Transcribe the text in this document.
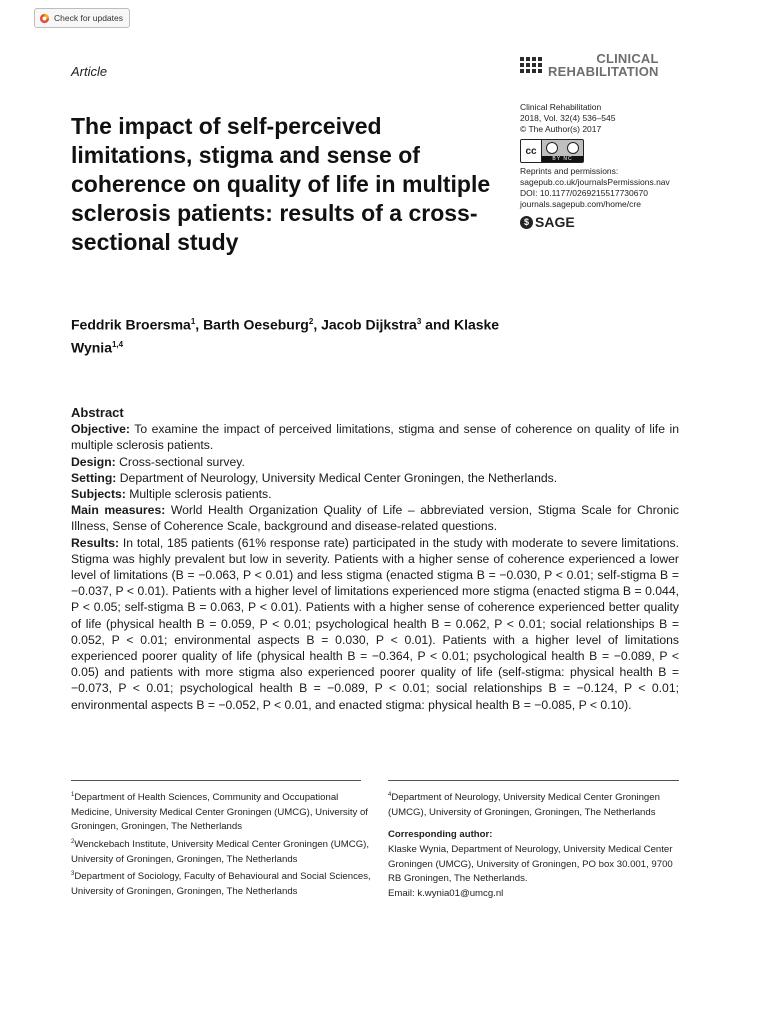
Check for updates
Article
CLINICAL
REHABILITATION
The impact of self-perceived limitations, stigma and sense of coherence on quality of life in multiple sclerosis patients: results of a cross-sectional study
Clinical Rehabilitation
2018, Vol. 32(4) 536–545
© The Author(s) 2017
cc
BY NC
Reprints and permissions:
sagepub.co.uk/journalsPermissions.nav
DOI: 10.1177/0269215517730670
journals.sagepub.com/home/cre
$ SAGE
Feddrik Broersma$^1$, Barth Oeseburg$^2$, Jacob Dijkstra$^3$ and Klaske Wynia$^{1,4}$

Abstract

Objective: To examine the impact of perceived limitations, stigma and sense of coherence on quality of life in multiple sclerosis patients.

Design: Cross-sectional survey.

Setting: Department of Neurology, University Medical Center Groningen, the Netherlands.

Subjects: Multiple sclerosis patients.

Main measures: World Health Organization Quality of Life – abbreviated version, Stigma Scale for Chronic Illness, Sense of Coherence Scale, background and disease-related questions.

Results: In total, 185 patients (61% response rate) participated in the study with moderate to severe limitations. Stigma was highly prevalent but low in severity. Patients with a higher sense of coherence experienced a lower level of limitations (B = −0.063, P < 0.01) and less stigma (enacted stigma B = −0.030, P < 0.01; self-stigma B = −0.037, P < 0.01). Patients with a higher level of limitations experienced more stigma (enacted stigma B = 0.044, P < 0.05; self-stigma B = 0.063, P < 0.01). Patients with a higher sense of coherence experienced better quality of life (physical health B = 0.059, P < 0.01; psychological health B = 0.062, P < 0.01; social relationships B = 0.052, P < 0.01; environmental aspects B = 0.030, P < 0.01). Patients with a higher level of limitations experienced poorer quality of life (physical health B = −0.364, P < 0.01; psychological health B = −0.089, P < 0.05) and patients with more stigma also experienced poorer quality of life (self-stigma: physical health B = −0.073, P < 0.01; psychological health B = −0.089, P < 0.01; social relationships B = −0.124, P < 0.01; environmental aspects B = −0.052, P < 0.01, and enacted stigma: physical health B = −0.085, P < 0.10).

$^1$Department of Health Sciences, Community and Occupational Medicine, University Medical Center Groningen (UMCG), University of Groningen, Groningen, The Netherlands

$^2$Wenckebach Institute, University Medical Center Groningen (UMCG), University of Groningen, Groningen, The Netherlands

$^3$Department of Sociology, Faculty of Behavioural and Social Sciences, University of Groningen, Groningen, The Netherlands

$^4$Department of Neurology, University Medical Center Groningen (UMCG), University of Groningen, Groningen, The Netherlands

Corresponding author:
Klaske Wynia, Department of Neurology, University Medical Center Groningen (UMCG), University of Groningen, PO box 30.001, 9700 RB Groningen, The Netherlands.
Email: k.wynia01@umcg.nl
